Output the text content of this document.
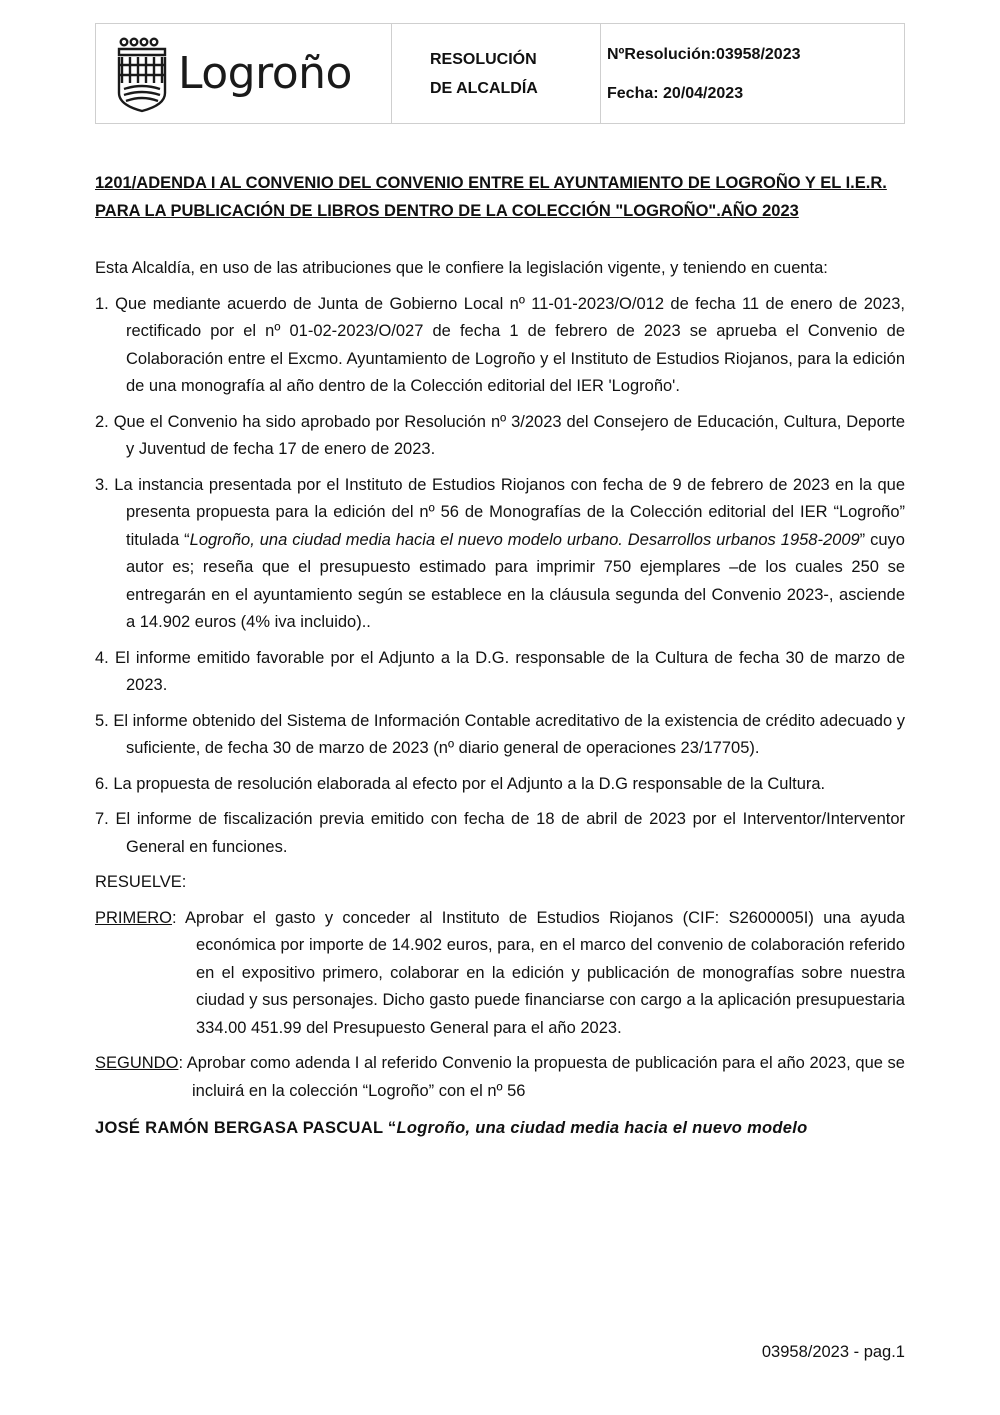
Logroño	RESOLUCIÓN
DE ALCALDÍA
NºResolución:03958/2023
Fecha: 20/04/2023

1201/ADENDA I AL CONVENIO DEL CONVENIO ENTRE EL AYUNTAMIENTO DE LOGROÑO Y EL I.E.R. PARA LA PUBLICACIÓN DE LIBROS DENTRO DE LA COLECCIÓN "LOGROÑO".AÑO 2023

Esta Alcaldía, en uso de las atribuciones que le confiere la legislación vigente, y teniendo en cuenta:

1. Que mediante acuerdo de Junta de Gobierno Local nº 11-01-2023/O/012 de fecha 11 de enero de 2023, rectificado por el nº 01-02-2023/O/027 de fecha 1 de febrero de 2023 se aprueba el Convenio de Colaboración entre el Excmo. Ayuntamiento de Logroño y el Instituto de Estudios Riojanos, para la edición de una monografía al año dentro de la Colección editorial del IER 'Logroño'.

2. Que el Convenio ha sido aprobado por Resolución nº 3/2023 del Consejero de Educación, Cultura, Deporte y Juventud de fecha 17 de enero de 2023.

3. La instancia presentada por el Instituto de Estudios Riojanos con fecha de 9 de febrero de 2023 en la que presenta propuesta para la edición del nº 56 de Monografías de la Colección editorial del IER “Logroño” titulada “Logroño, una ciudad media hacia el nuevo modelo urbano. Desarrollos urbanos 1958-2009” cuyo autor es; reseña que el presupuesto estimado para imprimir 750 ejemplares –de los cuales 250 se entregarán en el ayuntamiento según se establece en la cláusula segunda del Convenio 2023-, asciende a 14.902 euros (4% iva incluido)..

4. El informe emitido favorable por el Adjunto a la D.G. responsable de la Cultura de fecha 30 de marzo de 2023.

5. El informe obtenido del Sistema de Información Contable acreditativo de la existencia de crédito adecuado y suficiente, de fecha 30 de marzo de 2023 (nº diario general de operaciones 23/17705).

6. La propuesta de resolución elaborada al efecto por el Adjunto a la D.G responsable de la Cultura.

7. El informe de fiscalización previa emitido con fecha de 18 de abril de 2023 por el Interventor/Interventor General en funciones.

RESUELVE:

PRIMERO: Aprobar el gasto y conceder al Instituto de Estudios Riojanos (CIF: S2600005I) una ayuda económica por importe de 14.902 euros, para, en el marco del convenio de colaboración referido en el expositivo primero, colaborar en la edición y publicación de monografías sobre nuestra ciudad y sus personajes. Dicho gasto puede financiarse con cargo a la aplicación presupuestaria 334.00 451.99 del Presupuesto General para el año 2023.

SEGUNDO: Aprobar como adenda I al referido Convenio la propuesta de publicación para el año 2023, que se incluirá en la colección “Logroño” con el nº 56

JOSÉ RAMÓN BERGASA PASCUAL “Logroño, una ciudad media hacia el nuevo modelo

03958/2023 - pag.1
